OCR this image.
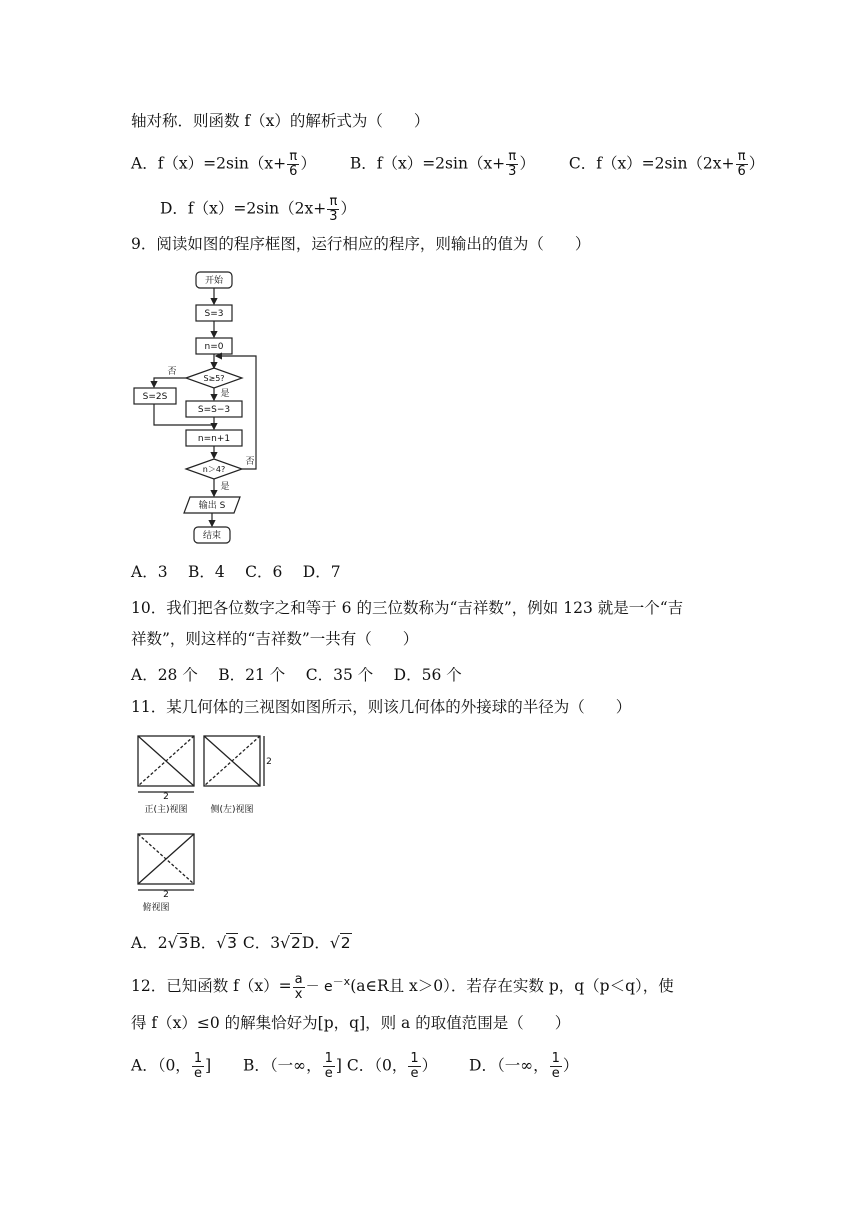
轴对称．则函数 f（x）的解析式为（　　）
A．$f(x)=2\sin(x+ \frac{\pi}{6}$ ） B．$f(x)=2\sin(x+ \frac{\pi}{3}$ ） C．$f(x)=2\sin(2x+ \frac{\pi}{6}$ ）
D．$f(x)=2\sin(2x+ \frac{\pi}{3}$ ）
9．阅读如图的程序框图，运行相应的程序，则输出的值为（　　）
开始
S=3
n=0
S≥5?
否
是
S=2S
S=S−3
n=n+1
n＞4?
否
是
输出 S
结束
A．3　 B．4　 C．6　 D．7
10．我们把各位数字之和等于 6 的三位数称为“吉祥数”，例如 123 就是一个“吉
祥数”，则这样的“吉祥数”一共有（　　）
A．28 个　 B．21 个　 C．35 个　 D．56 个
11．某几何体的三视图如图所示，则该几何体的外接球的半径为（　　）
2
2
2
正(主)视图	侧(左)视图
俯视图
A．2√3B．√3 C．3√2D．√2
12．已知函数 $f(x)= \frac{a}{x}$ － $e^{-x}(a\in R$且 x＞0）．若存在实数 p，q（p＜q），使
得 f（x）≤0 的解集恰好为[p，q]，则 a 的取值范围是（　　）
A．（0， $\frac{1}{e}$ ] B．（一∞， $\frac{1}{e}$ ] C．（0， $\frac{1}{e}$ ） D．（一∞， $\frac{1}{e}$ ）
